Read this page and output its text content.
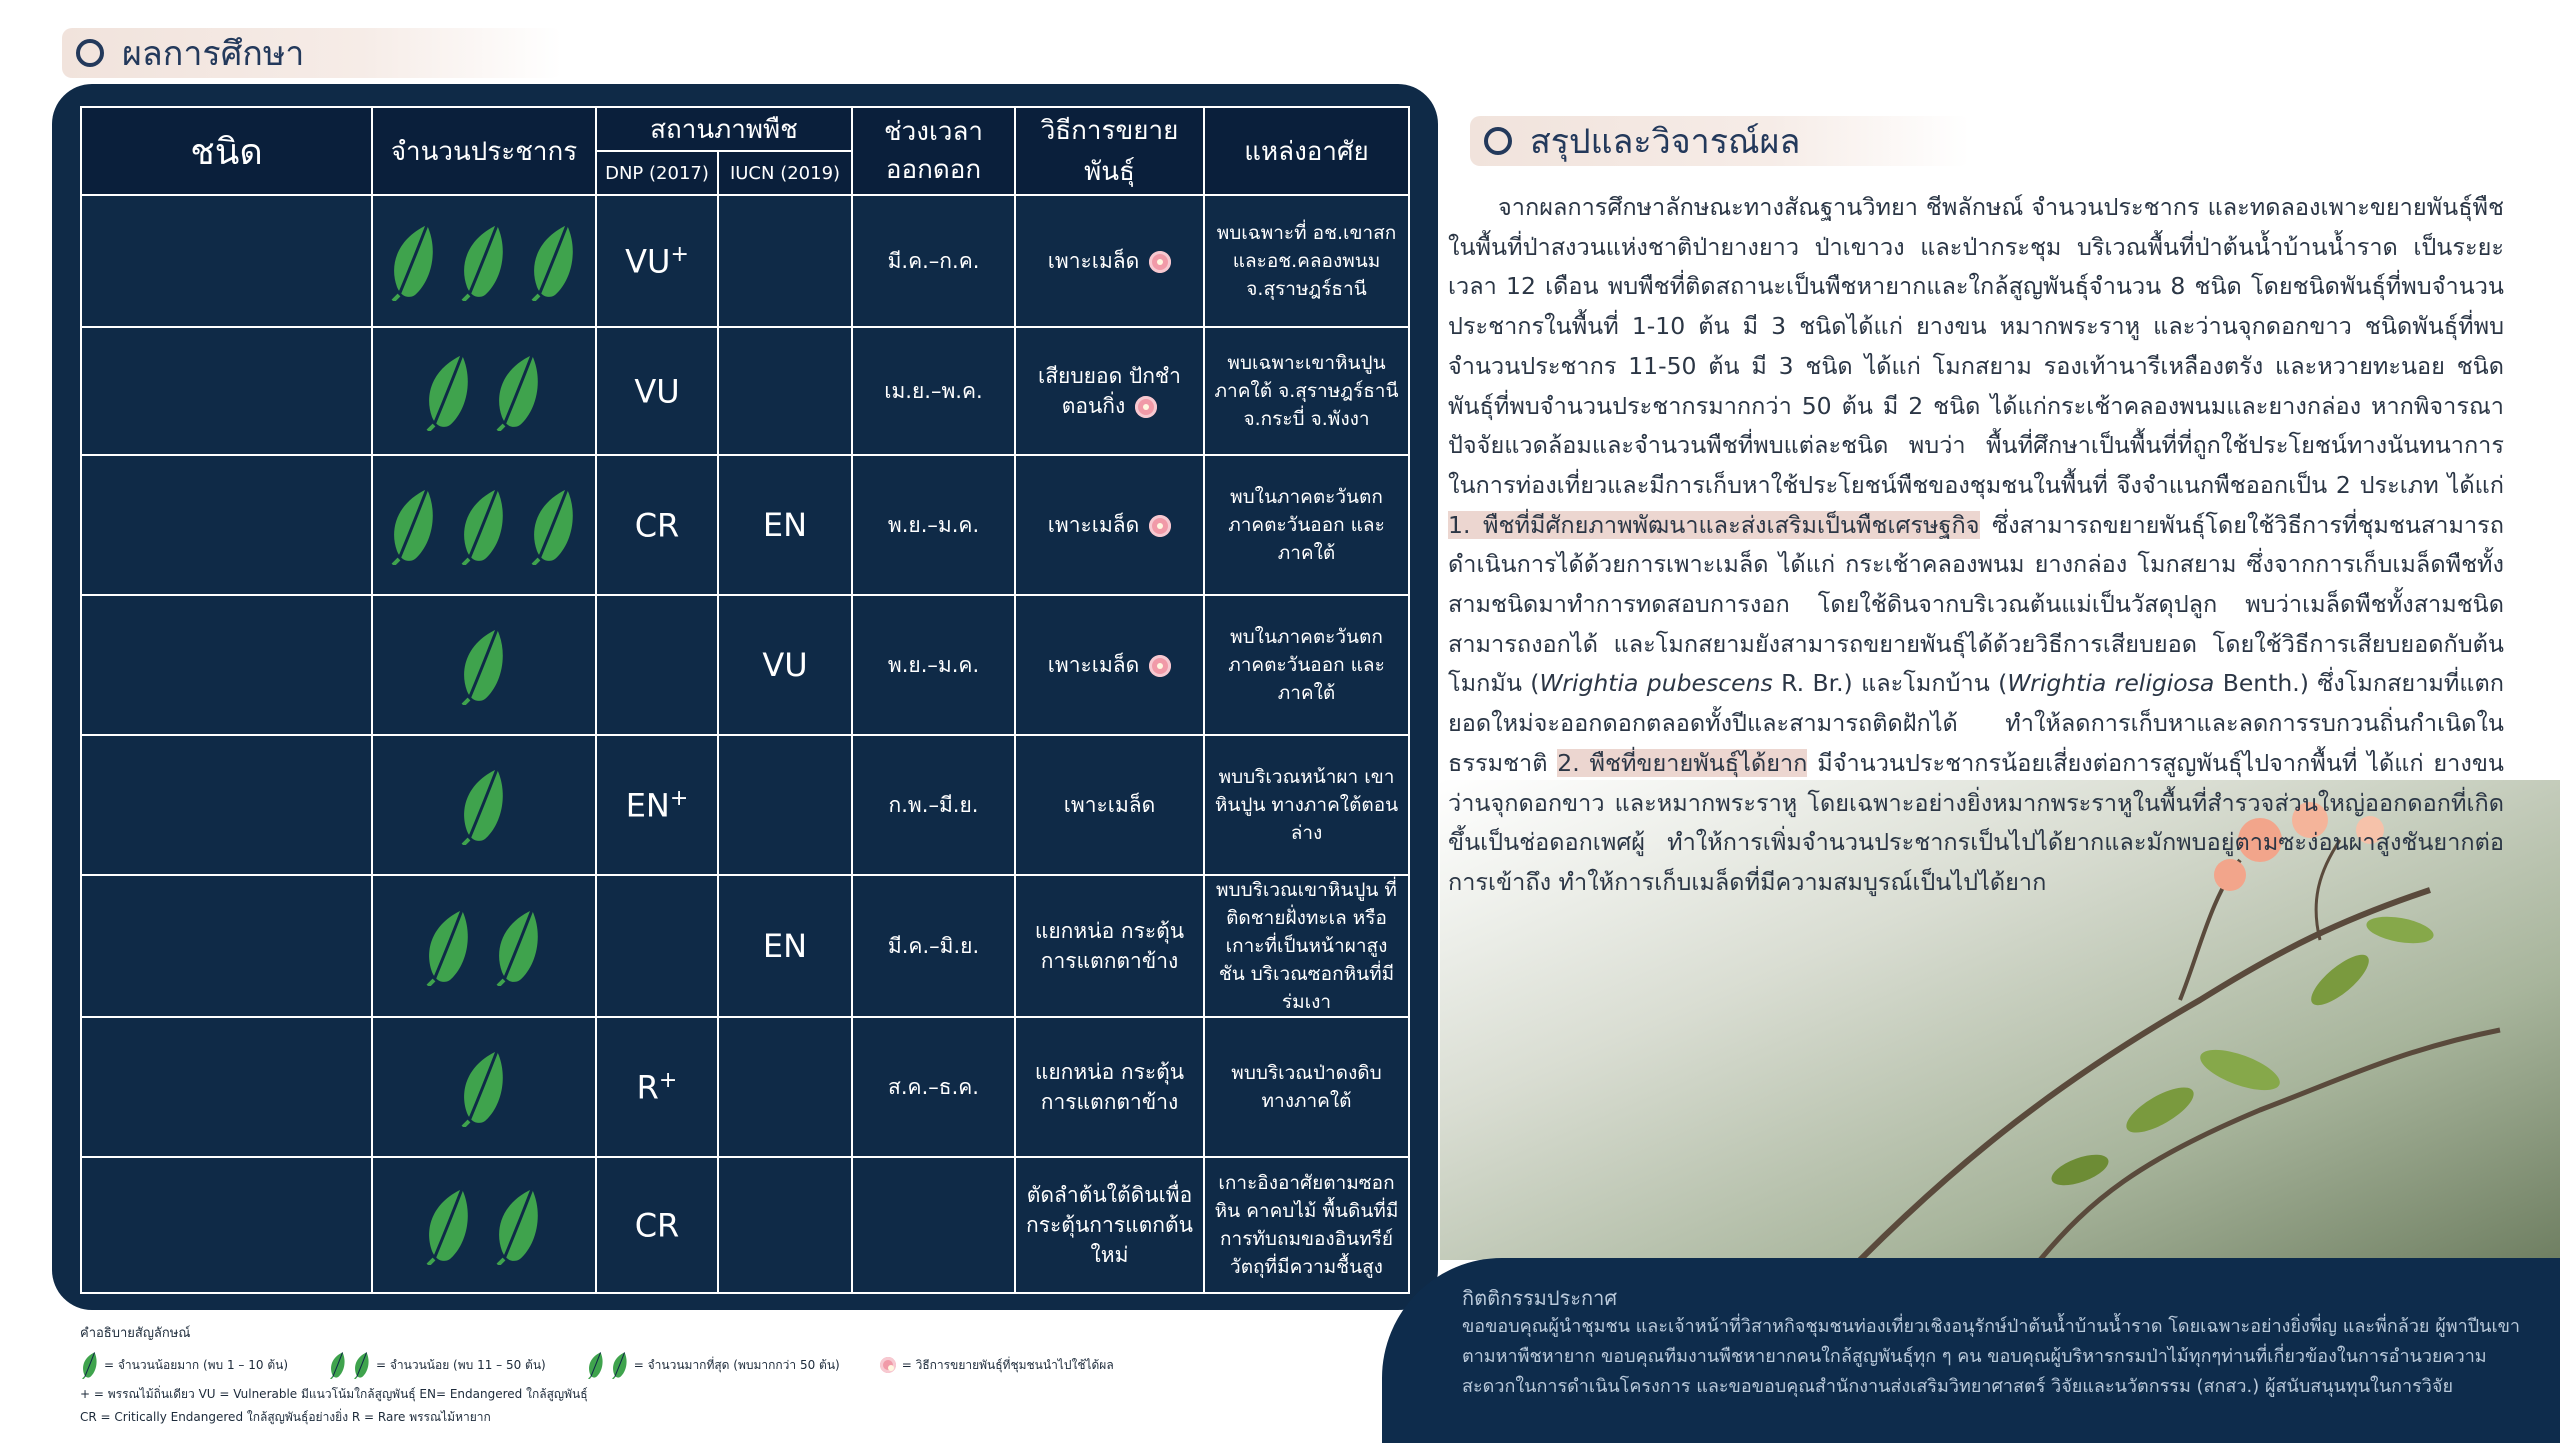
ผลการศึกษา
ชนิด	จำนวนประชากร	สถานภาพพืช		ช่วงเวลาออกดอก	วิธีการขยายพันธุ์	แหล่งอาศัย
		DNP (2017)	IUCN (2019)			

	VU+		มี.ค.–ก.ค.	เพาะเมล็ด	พบเฉพาะที่ อช.เขาสกและอช.คลองพนม จ.สุราษฎร์ธานี

	VU		เม.ย.–พ.ค.	เสียบยอด ปักชำ ตอนกิ่ง	พบเฉพาะเขาหินปูนภาคใต้ จ.สุราษฎร์ธานี จ.กระบี่ จ.พังงา

	CR	EN	พ.ย.–ม.ค.	เพาะเมล็ด	พบในภาคตะวันตก ภาคตะวันออก และภาคใต้

		VU	พ.ย.–ม.ค.	เพาะเมล็ด	พบในภาคตะวันตก ภาคตะวันออก และภาคใต้

	EN+		ก.พ.–มี.ย.	เพาะเมล็ด	พบบริเวณหน้าผา เขาหินปูน ทางภาคใต้ตอนล่าง

		EN	มี.ค.–มิ.ย.	แยกหน่อ กระตุ้นการแตกตาข้าง	พบบริเวณเขาหินปูน ที่ติดชายฝั่งทะเล หรือเกาะที่เป็นหน้าผาสูงชัน บริเวณซอกหินที่มีร่มเงา

	R+		ส.ค.–ธ.ค.	แยกหน่อ กระตุ้นการแตกตาข้าง	พบบริเวณป่าดงดิบ ทางภาคใต้

	CR			ตัดลำต้นใต้ดินเพื่อกระตุ้นการแตกต้นใหม่	เกาะอิงอาศัยตามซอกหิน คาคบไม้ พื้นดินที่มีการทับถมของอินทรีย์วัตถุที่มีความชื้นสูง
คำอธิบายสัญลักษณ์
= จำนวนน้อยมาก (พบ 1 – 10 ต้น)	= จำนวนน้อย (พบ 11 – 50 ต้น)	= จำนวนมากที่สุด (พบมากกว่า 50 ต้น)	= วิธีการขยายพันธุ์ที่ชุมชนนำไปใช้ได้ผล
+ = พรรณไม้ถิ่นเดียว VU = Vulnerable มีแนวโน้มใกล้สูญพันธุ์ EN= Endangered ใกล้สูญพันธุ์
CR = Critically Endangered ใกล้สูญพันธุ์อย่างยิ่ง R = Rare พรรณไม้หายาก
สรุปและวิจารณ์ผล

จากผลการศึกษาลักษณะทางสัณฐานวิทยา ชีพลักษณ์ จำนวนประชากร และทดลองเพาะขยายพันธุ์พืชในพื้นที่ป่าสงวนแห่งชาติป่ายางยาว ป่าเขาวง และป่ากระชุม บริเวณพื้นที่ป่าต้นน้ำบ้านน้ำราด เป็นระยะเวลา 12 เดือน พบพืชที่ติดสถานะเป็นพืชหายากและใกล้สูญพันธุ์จำนวน 8 ชนิด โดยชนิดพันธุ์ที่พบจำนวนประชากรในพื้นที่ 1-10 ต้น มี 3 ชนิดได้แก่ ยางขน หมากพระราหู และว่านจุกดอกขาว ชนิดพันธุ์ที่พบจำนวนประชากร 11-50 ต้น มี 3 ชนิด ได้แก่ โมกสยาม รองเท้านารีเหลืองตรัง และหวายทะนอย ชนิดพันธุ์ที่พบจำนวนประชากรมากกว่า 50 ต้น มี 2 ชนิด ได้แก่กระเช้าคลองพนมและยางกล่อง หากพิจารณาปัจจัยแวดล้อมและจำนวนพืชที่พบแต่ละชนิด พบว่า พื้นที่ศึกษาเป็นพื้นที่ที่ถูกใช้ประโยชน์ทางนันทนาการในการท่องเที่ยวและมีการเก็บหาใช้ประโยชน์พืชของชุมชนในพื้นที่ จึงจำแนกพืชออกเป็น 2 ประเภท ได้แก่ 1. พืชที่มีศักยภาพพัฒนาและส่งเสริมเป็นพืชเศรษฐกิจ ซึ่งสามารถขยายพันธุ์โดยใช้วิธีการที่ชุมชนสามารถดำเนินการได้ด้วยการเพาะเมล็ด ได้แก่ กระเช้าคลองพนม ยางกล่อง โมกสยาม ซึ่งจากการเก็บเมล็ดพืชทั้งสามชนิดมาทำการทดสอบการงอก โดยใช้ดินจากบริเวณต้นแม่เป็นวัสดุปลูก พบว่าเมล็ดพืชทั้งสามชนิดสามารถงอกได้ และโมกสยามยังสามารถขยายพันธุ์ได้ด้วยวิธีการเสียบยอด โดยใช้วิธีการเสียบยอดกับต้นโมกมัน (Wrightia pubescens R. Br.) และโมกบ้าน (Wrightia religiosa Benth.) ซึ่งโมกสยามที่แตกยอดใหม่จะออกดอกตลอดทั้งปีและสามารถติดฝักได้ ทำให้ลดการเก็บหาและลดการรบกวนถิ่นกำเนิดในธรรมชาติ 2. พืชที่ขยายพันธุ์ได้ยาก มีจำนวนประชากรน้อยเสี่ยงต่อการสูญพันธุ์ไปจากพื้นที่ ได้แก่ ยางขน ว่านจุกดอกขาว และหมากพระราหู โดยเฉพาะอย่างยิ่งหมากพระราหูในพื้นที่สำรวจส่วนใหญ่ออกดอกที่เกิดขึ้นเป็นช่อดอกเพศผู้ ทำให้การเพิ่มจำนวนประชากรเป็นไปได้ยากและมักพบอยู่ตามซะง่อนผาสูงชันยากต่อการเข้าถึง ทำให้การเก็บเมล็ดที่มีความสมบูรณ์เป็นไปได้ยาก

กิตติกรรมประกาศ
ขอขอบคุณผู้นำชุมชน และเจ้าหน้าที่วิสาหกิจชุมชนท่องเที่ยวเชิงอนุรักษ์ป่าต้นน้ำบ้านน้ำราด โดยเฉพาะอย่างยิ่งพี่ญ และพี่กล้วย ผู้พาปีนเขาตามหาพืชหายาก ขอบคุณทีมงานพืชหายากคนใกล้สูญพันธุ์ทุก ๆ คน ขอบคุณผู้บริหารกรมป่าไม้ทุกๆท่านที่เกี่ยวข้องในการอำนวยความสะดวกในการดำเนินโครงการ และขอขอบคุณสำนักงานส่งเสริมวิทยาศาสตร์ วิจัยและนวัตกรรม (สกสว.) ผู้สนับสนุนทุนในการวิจัย
